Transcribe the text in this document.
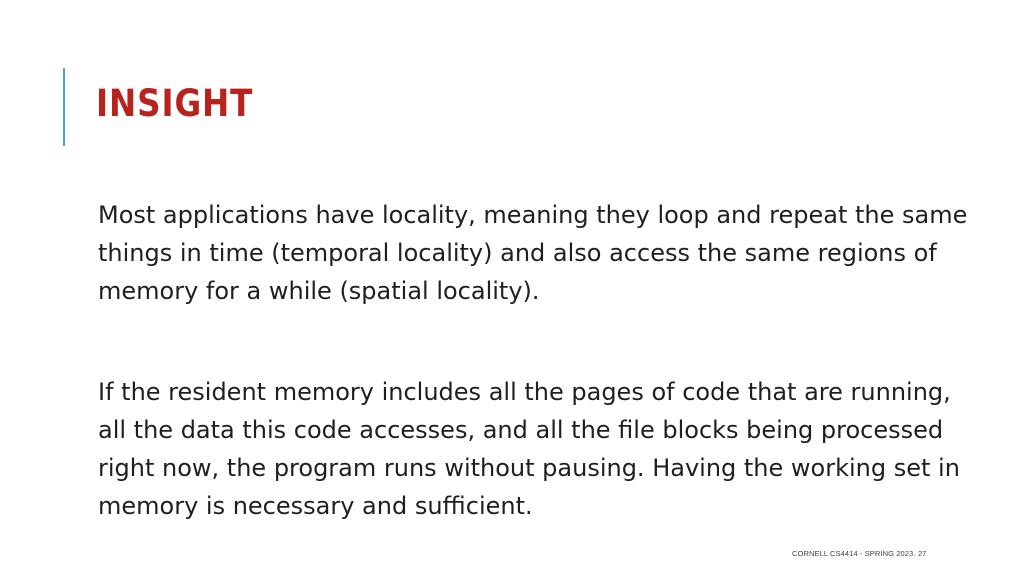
INSIGHT

Most applications have locality, meaning they loop and repeat the same things in time (temporal locality) and also access the same regions of memory for a while (spatial locality).

If the resident memory includes all the pages of code that are running, all the data this code accesses, and all the file blocks being processed right now, the program runs without pausing. Having the working set in memory is necessary and sufficient.

CORNELL CS4414 - SPRING 2023. 27
